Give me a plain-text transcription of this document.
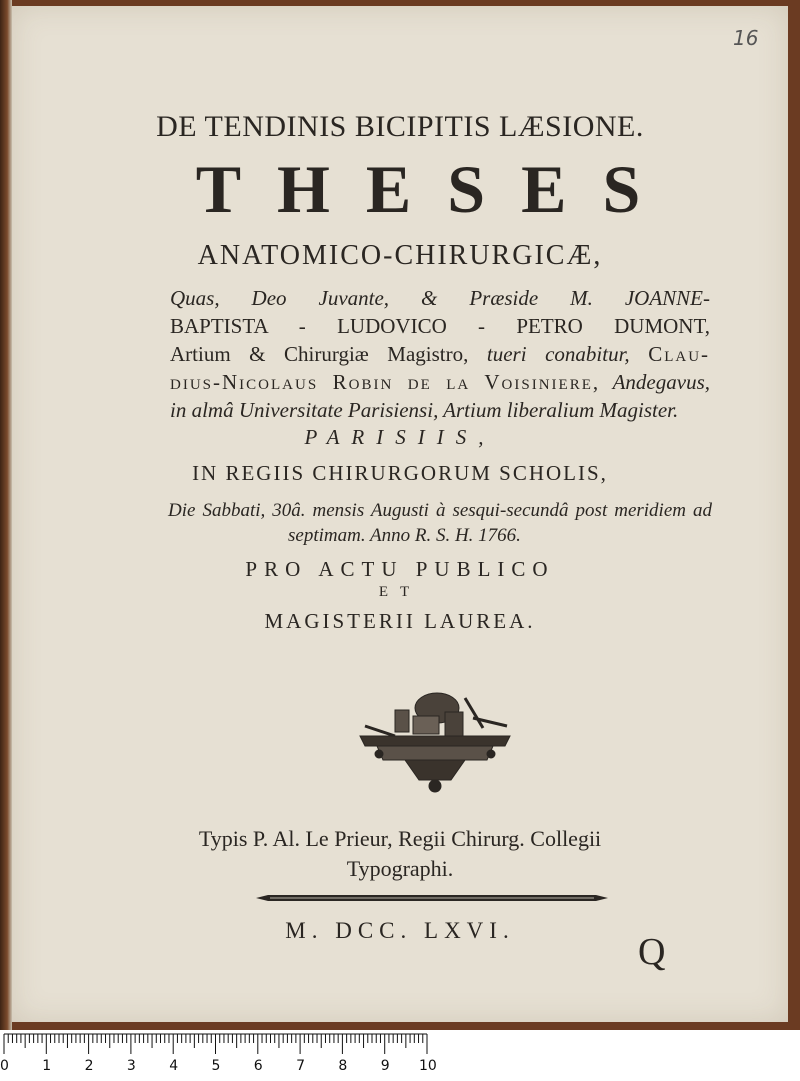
16
DE TENDINIS BICIPITIS LÆSIONE.
THESES
ANATOMICO-CHIRURGICÆ,
Quas, Deo Juvante, & Præside M. JOANNE-
BAPTISTA - LUDOVICO - PETRO DUMONT,
Artium & Chirurgiæ Magistro, tueri conabitur, Clau-
dius-Nicolaus Robin de la Voisiniere, Andegavus,
in almâ Universitate Parisiensi, Artium liberalium Magister.
PARISIIS,
IN REGIIS CHIRURGORUM SCHOLIS,
Die Sabbati, 30â. mensis Augusti à sesqui-secundâ post meridiem ad
septimam. Anno R. S. H. 1766.
PRO ACTU PUBLICO
ET
MAGISTERII LAUREA.
Typis P. Al. Le Prieur, Regii Chirurg. Collegii
Typographi.
M. DCC. LXVI.
Q
0 1 2 3 4 5 6 7 8 9 10
